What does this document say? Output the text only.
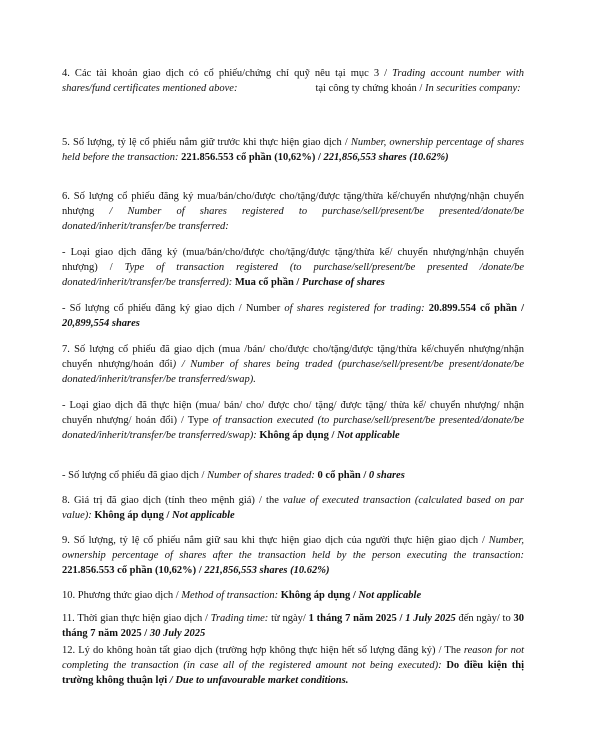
4. Các tài khoản giao dịch có cổ phiếu/chứng chỉ quỹ nêu tại mục 3 / Trading account number with shares/fund certificates mentioned above:	tại công ty chứng khoán / In securities company:

5. Số lượng, tỷ lệ cổ phiếu nắm giữ trước khi thực hiện giao dịch / Number, ownership percentage of shares held before the transaction: 221.856.553 cổ phần (10,62%) / 221,856,553 shares (10.62%)

6. Số lượng cổ phiếu đăng ký mua/bán/cho/được cho/tặng/được tặng/thừa kế/chuyển nhượng/nhận chuyển nhượng / Number of shares registered to purchase/sell/present/be presented/donate/be donated/inherit/transfer/be transferred:

- Loại giao dịch đăng ký (mua/bán/cho/được cho/tặng/được tặng/thừa kế/ chuyển nhượng/nhận chuyển nhượng) / Type of transaction registered (to purchase/sell/present/be presented /donate/be donated/inherit/transfer/be transferred): Mua cổ phần / Purchase of shares

- Số lượng cổ phiếu đăng ký giao dịch / Number of shares registered for trading: 20.899.554 cổ phần / 20,899,554 shares

7. Số lượng cổ phiếu đã giao dịch (mua /bán/ cho/được cho/tặng/được tặng/thừa kế/chuyển nhượng/nhận chuyển nhượng/hoán đổi) / Number of shares being traded (purchase/sell/present/be present/donate/be donated/inherit/transfer/be transferred/swap).

- Loại giao dịch đã thực hiện (mua/ bán/ cho/ được cho/ tặng/ được tặng/ thừa kế/ chuyển nhượng/ nhận chuyển nhượng/ hoán đổi) / Type of transaction executed (to purchase/sell/present/be presented/donate/be donated/inherit/transfer/be transferred/swap): Không áp dụng / Not applicable

- Số lượng cổ phiếu đã giao dịch / Number of shares traded: 0 cổ phần / 0 shares

8. Giá trị đã giao dịch (tính theo mệnh giá) / the value of executed transaction (calculated based on par value): Không áp dụng / Not applicable

9. Số lượng, tỷ lệ cổ phiếu nắm giữ sau khi thực hiện giao dịch của người thực hiện giao dịch / Number, ownership percentage of shares after the transaction held by the person executing the transaction: 221.856.553 cổ phần (10,62%) / 221,856,553 shares (10.62%)

10. Phương thức giao dịch / Method of transaction: Không áp dụng / Not applicable

11. Thời gian thực hiện giao dịch / Trading time: từ ngày/ 1 tháng 7 năm 2025 / 1 July 2025 đến ngày/ to 30 tháng 7 năm 2025 / 30 July 2025

12. Lý do không hoàn tất giao dịch (trường hợp không thực hiện hết số lượng đăng ký) / The reason for not completing the transaction (in case all of the registered amount not being executed): Do điều kiện thị trường không thuận lợi / Due to unfavourable market conditions.
